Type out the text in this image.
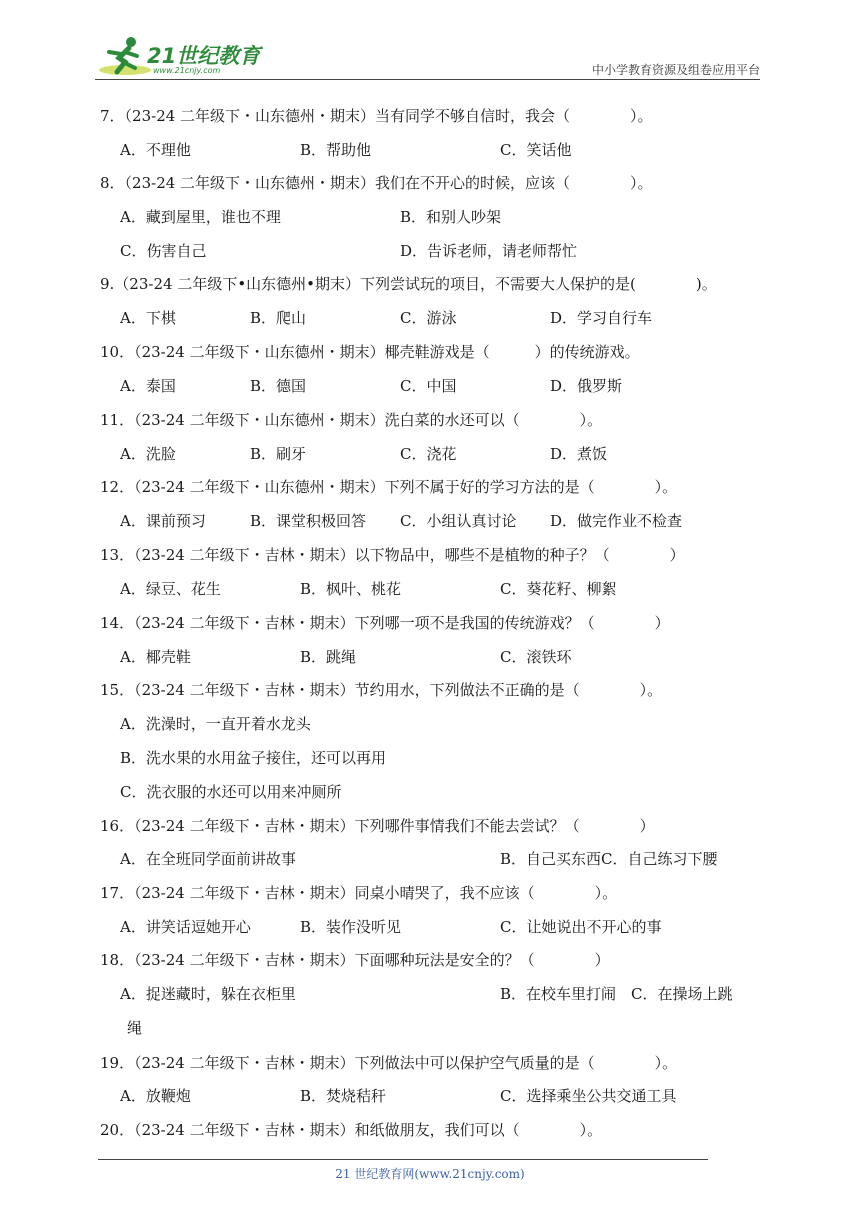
21世纪教育
www.21cnjy.com	中小学教育资源及组卷应用平台
7．（23-24 二年级下・山东德州・期末）当有同学不够自信时，我会（　　　　）。
A．不理他	B．帮助他	C．笑话他
8．（23-24 二年级下・山东德州・期末）我们在不开心的时候，应该（　　　　）。
A．藏到屋里，谁也不理	B．和别人吵架
C．伤害自己	D．告诉老师，请老师帮忙
9.（23-24 二年级下•山东德州•期末）下列尝试玩的项目，不需要大人保护的是(　　　　)。
A．下棋	B．爬山	C．游泳	D．学习自行车
10．（23-24 二年级下・山东德州・期末）椰壳鞋游戏是（　　　）的传统游戏。
A．泰国	B．德国	C．中国	D．俄罗斯
11．（23-24 二年级下・山东德州・期末）洗白菜的水还可以（　　　　）。
A．洗脸	B．刷牙	C．浇花	D．煮饭
12．（23-24 二年级下・山东德州・期末）下列不属于好的学习方法的是（　　　　）。
A．课前预习	B．课堂积极回答 C．小组认真讨论 D．做完作业不检查
13．（23-24 二年级下・吉林・期末）以下物品中，哪些不是植物的种子？（　　　　）
A．绿豆、花生	B．枫叶、桃花	C．葵花籽、柳絮
14．（23-24 二年级下・吉林・期末）下列哪一项不是我国的传统游戏？（　　　　）
A．椰壳鞋	B．跳绳	C．滚铁环
15．（23-24 二年级下・吉林・期末）节约用水，下列做法不正确的是（　　　　）。
A．洗澡时，一直开着水龙头
B．洗水果的水用盆子接住，还可以再用
C．洗衣服的水还可以用来冲厕所
16．（23-24 二年级下・吉林・期末）下列哪件事情我们不能去尝试？（　　　　）
A．在全班同学面前讲故事	B．自己买东西C．自己练习下腰
17．（23-24 二年级下・吉林・期末）同桌小晴哭了，我不应该（　　　　）。
A．讲笑话逗她开心	B．装作没听见	C．让她说出不开心的事
18．（23-24 二年级下・吉林・期末）下面哪种玩法是安全的？（　　　　）
A．捉迷藏时，躲在衣柜里	B．在校车里打闹　C．在操场上跳
绳
19．（23-24 二年级下・吉林・期末）下列做法中可以保护空气质量的是（　　　　）。
A．放鞭炮	B．焚烧秸秆	C．选择乘坐公共交通工具
20．（23-24 二年级下・吉林・期末）和纸做朋友，我们可以（　　　　）。
21 世纪教育网(www.21cnjy.com)
